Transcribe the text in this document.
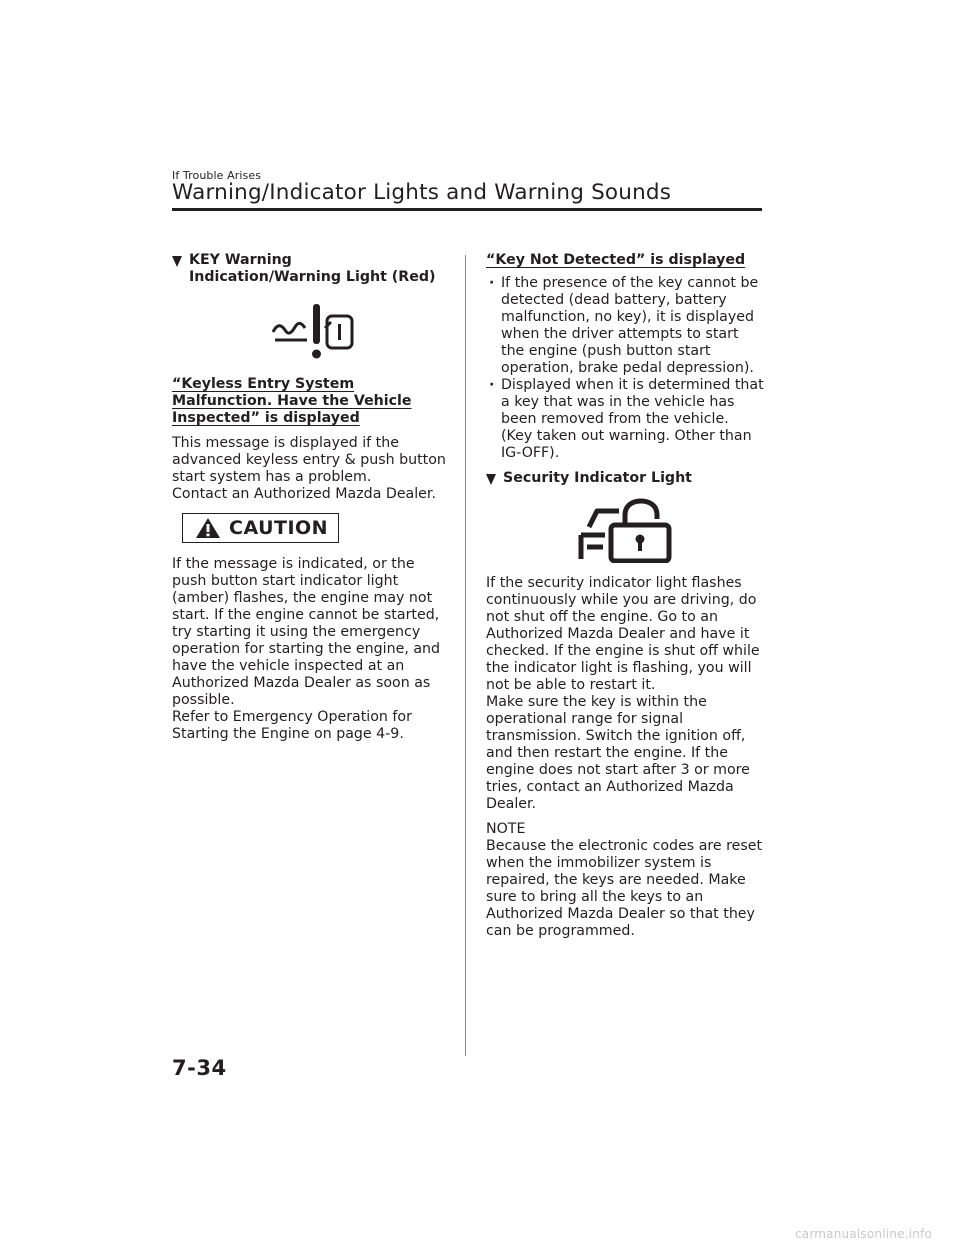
If Trouble Arises
Warning/Indicator Lights and Warning Sounds
KEY Warning Indication/Warning Light (Red)
“Keyless Entry System Malfunction. Have the Vehicle Inspected” is displayed

This message is displayed if the advanced keyless entry & push button start system has a problem.

Contact an Authorized Mazda Dealer.

CAUTION

If the message is indicated, or the push button start indicator light (amber) flashes, the engine may not start. If the engine cannot be started, try starting it using the emergency operation for starting the engine, and have the vehicle inspected at an Authorized Mazda Dealer as soon as possible.

Refer to Emergency Operation for Starting the Engine on page 4-9.

“Key Not Detected” is displayed
· If the presence of the key cannot be detected (dead battery, battery malfunction, no key), it is displayed when the driver attempts to start the engine (push button start operation, brake pedal depression).
· Displayed when it is determined that a key that was in the vehicle has been removed from the vehicle. (Key taken out warning. Other than IG-OFF).
Security Indicator Light

If the security indicator light flashes continuously while you are driving, do not shut off the engine. Go to an Authorized Mazda Dealer and have it checked. If the engine is shut off while the indicator light is flashing, you will not be able to restart it.

Make sure the key is within the operational range for signal transmission. Switch the ignition off, and then restart the engine. If the engine does not start after 3 or more tries, contact an Authorized Mazda Dealer.

NOTE

Because the electronic codes are reset when the immobilizer system is repaired, the keys are needed. Make sure to bring all the keys to an Authorized Mazda Dealer so that they can be programmed.

7-34
carmanualsonline.info
